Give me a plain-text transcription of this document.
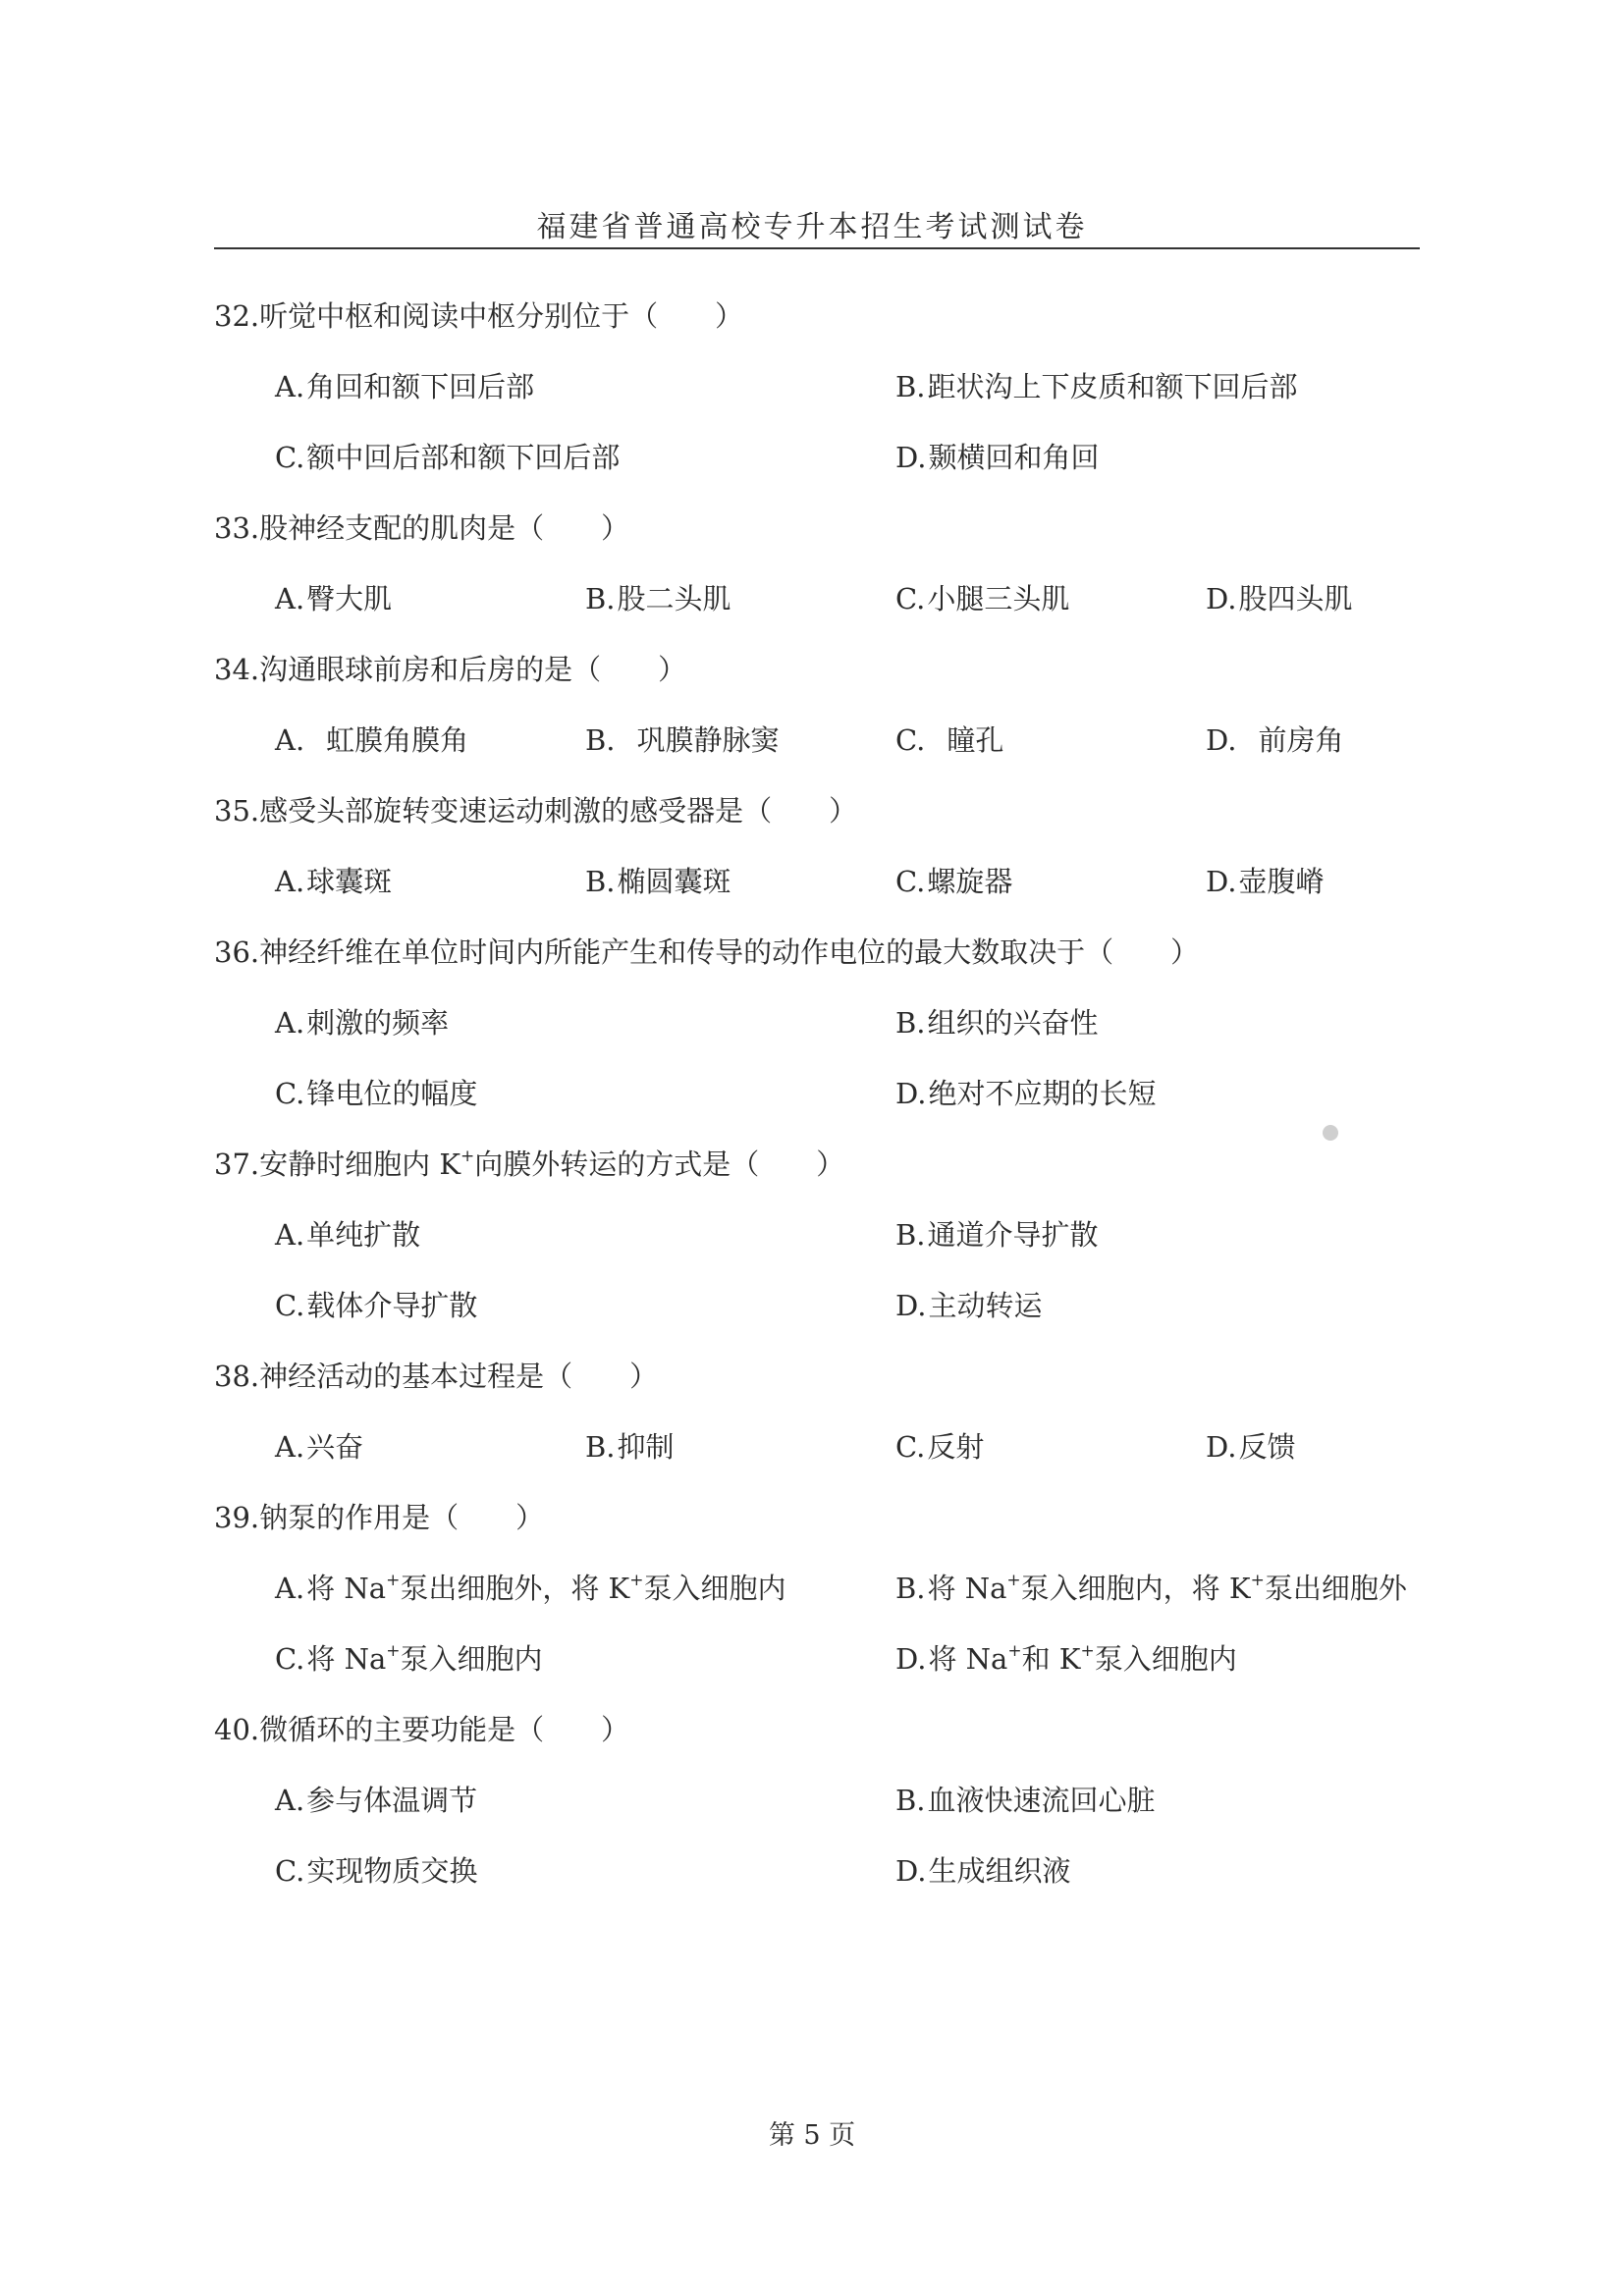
福建省普通高校专升本招生考试测试卷
32.听觉中枢和阅读中枢分别位于（　　）
A.角回和额下回后部	B.距状沟上下皮质和额下回后部
C.额中回后部和额下回后部	D.颞横回和角回
33.股神经支配的肌肉是（　　）
A.臀大肌	B.股二头肌	C.小腿三头肌	D.股四头肌
34.沟通眼球前房和后房的是（　　）
A. 虹膜角膜角	B. 巩膜静脉窦	C. 瞳孔	D. 前房角
35.感受头部旋转变速运动刺激的感受器是（　　）
A.球囊斑	B.椭圆囊斑	C.螺旋器	D.壶腹嵴
36.神经纤维在单位时间内所能产生和传导的动作电位的最大数取决于（　　）
A.刺激的频率	B.组织的兴奋性
C.锋电位的幅度	D.绝对不应期的长短
37.安静时细胞内 K+向膜外转运的方式是（　　）
A.单纯扩散	B.通道介导扩散
C.载体介导扩散	D.主动转运
38.神经活动的基本过程是（　　）
A.兴奋	B.抑制	C.反射	D.反馈
39.钠泵的作用是（　　）
A.将 Na+泵出细胞外，将 K+泵入细胞内	B.将 Na+泵入细胞内，将 K+泵出细胞外
C.将 Na+泵入细胞内	D.将 Na+和 K+泵入细胞内
40.微循环的主要功能是（　　）
A.参与体温调节	B.血液快速流回心脏
C.实现物质交换	D.生成组织液
第 5 页
